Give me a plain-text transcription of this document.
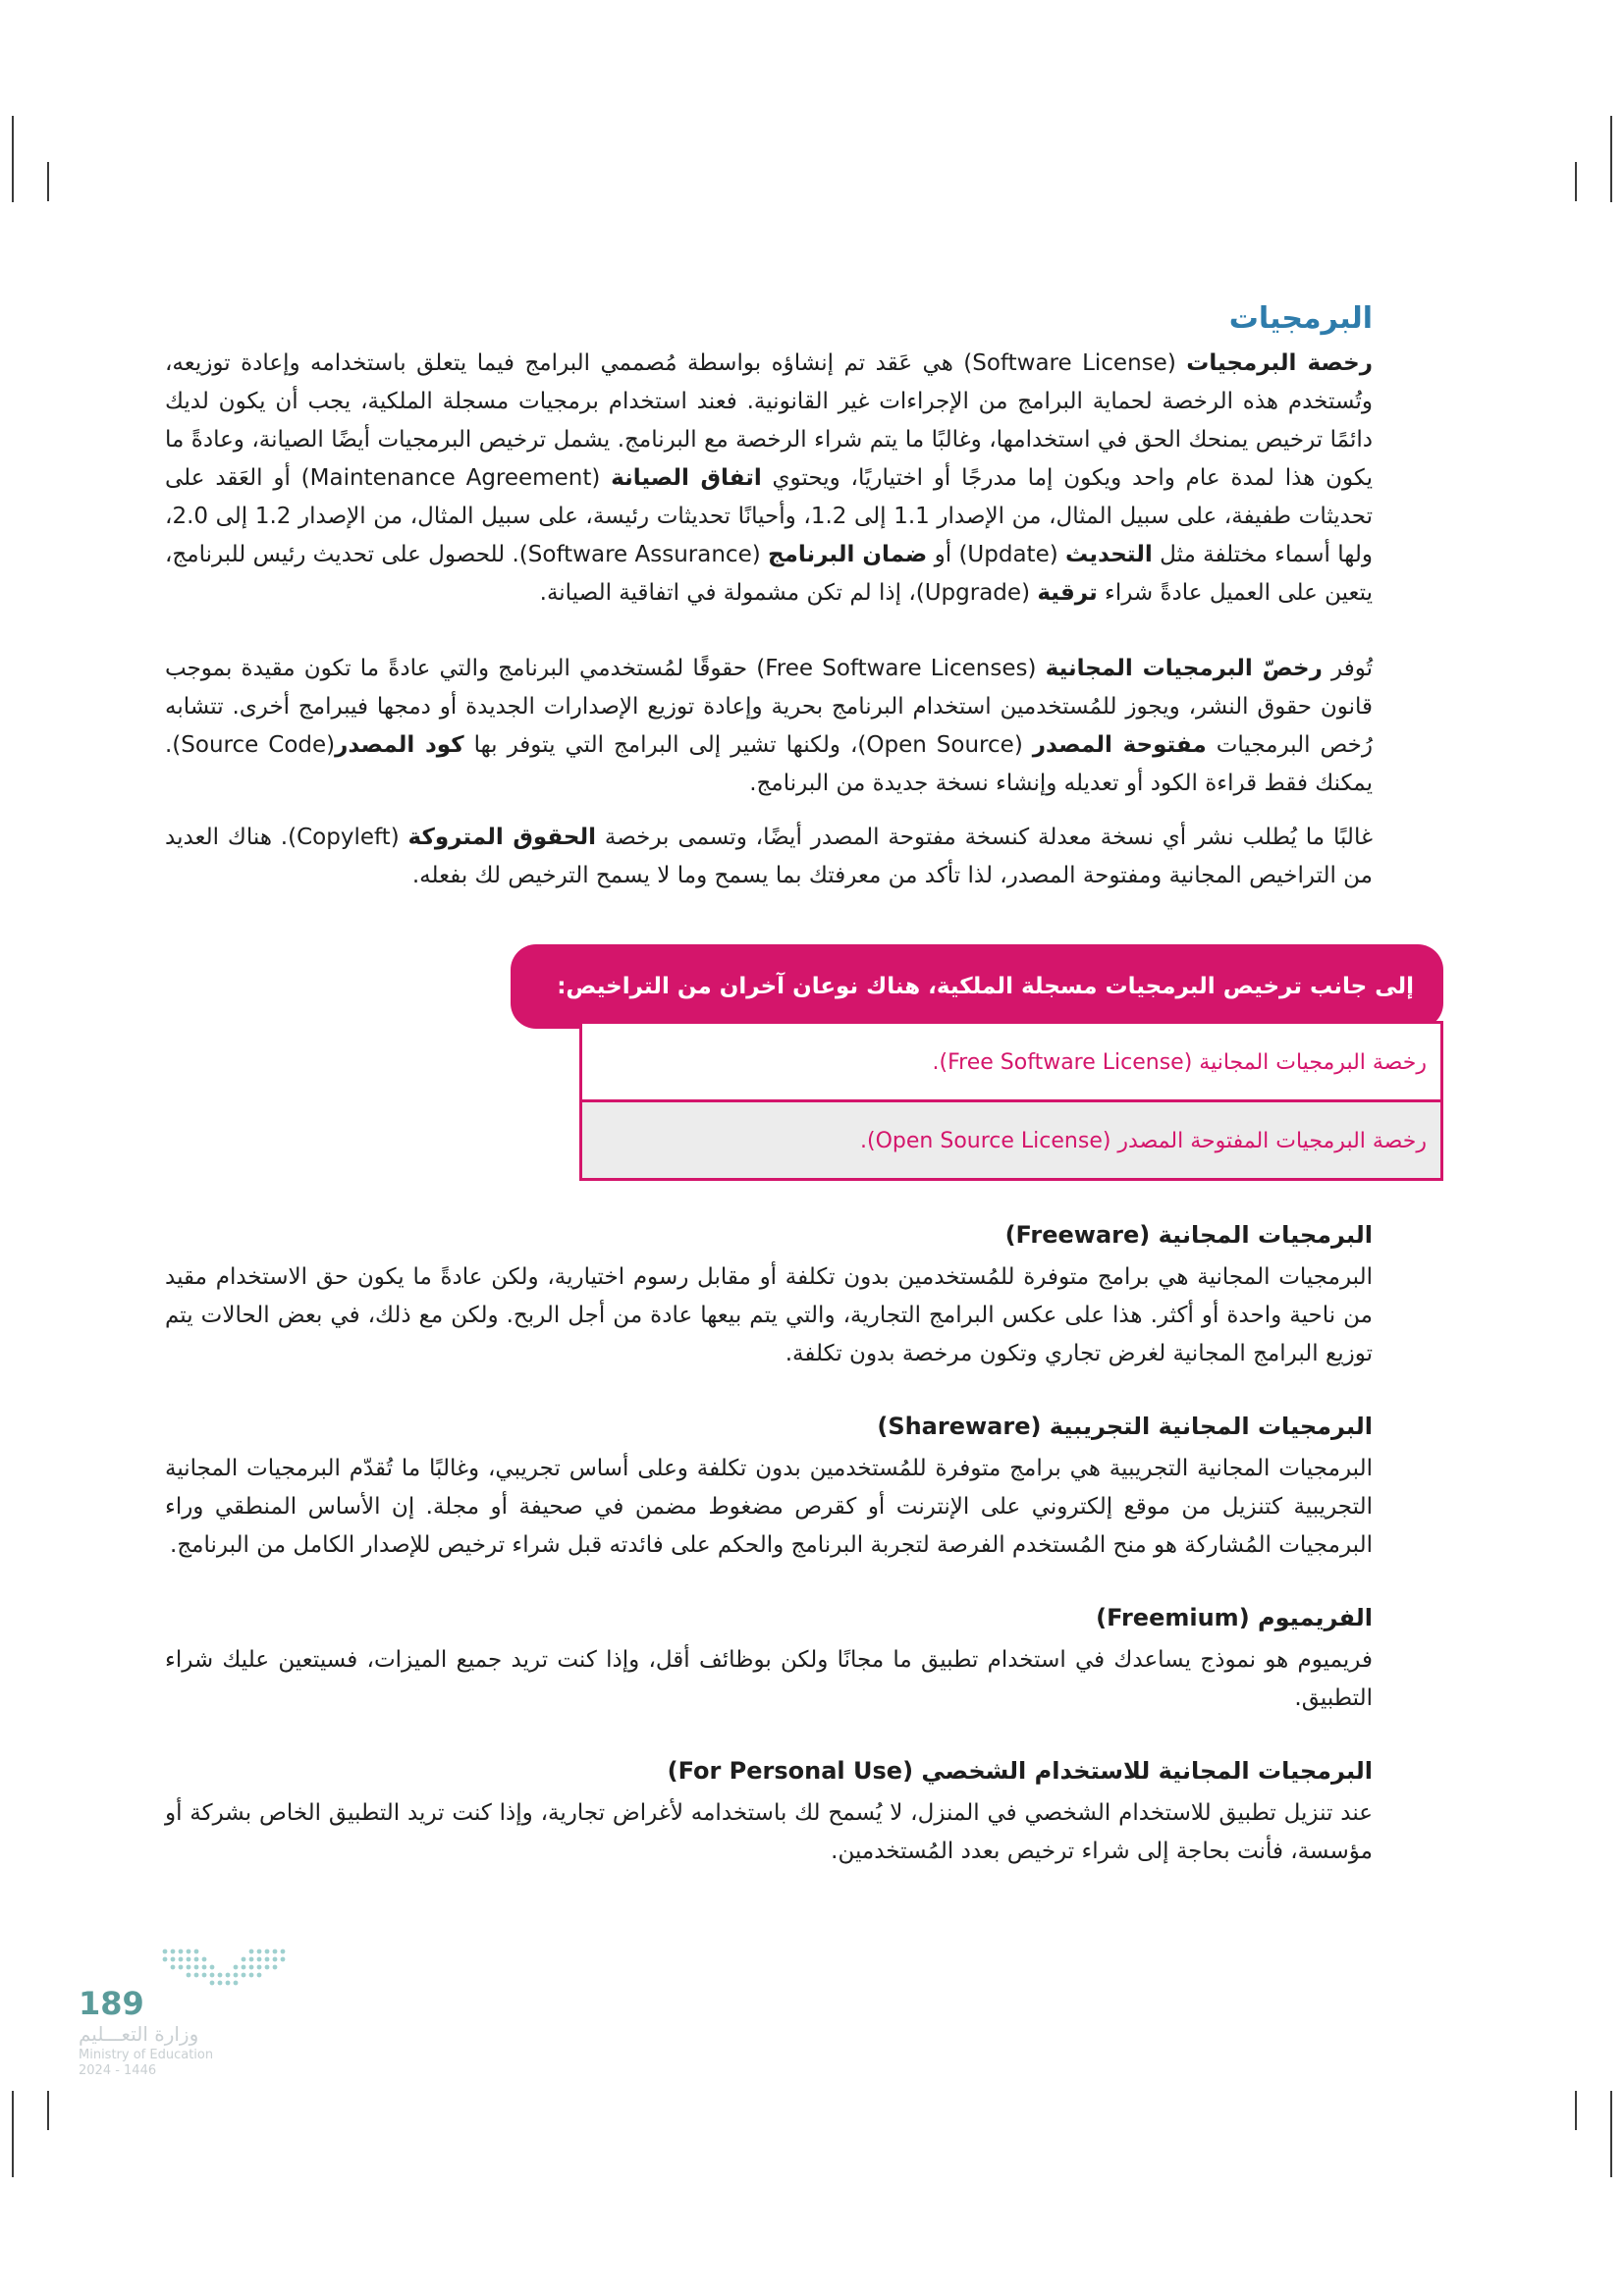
البرمجيات

رخصة البرمجيات (Software License) هي عَقد تم إنشاؤه بواسطة مُصممي البرامج فيما يتعلق باستخدامه وإعادة توزيعه، وتُستخدم هذه الرخصة لحماية البرامج من الإجراءات غير القانونية. فعند استخدام برمجيات مسجلة الملكية، يجب أن يكون لديك دائمًا ترخيص يمنحك الحق في استخدامها، وغالبًا ما يتم شراء الرخصة مع البرنامج. يشمل ترخيص البرمجيات أيضًا الصيانة، وعادةً ما يكون هذا لمدة عام واحد ويكون إما مدرجًا أو اختياريًا، ويحتوي اتفاق الصيانة (Maintenance Agreement) أو العَقد على تحديثات طفيفة، على سبيل المثال، من الإصدار 1.1 إلى 1.2، وأحيانًا تحديثات رئيسة، على سبيل المثال، من الإصدار 1.2 إلى 2.0، ولها أسماء مختلفة مثل التحديث (Update) أو ضمان البرنامج (Software Assurance). للحصول على تحديث رئيس للبرنامج، يتعين على العميل عادةً شراء ترقية (Upgrade)، إذا لم تكن مشمولة في اتفاقية الصيانة.

تُوفر رخصّ البرمجيات المجانية (Free Software Licenses) حقوقًا لمُستخدمي البرنامج والتي عادةً ما تكون مقيدة بموجب قانون حقوق النشر، ويجوز للمُستخدمين استخدام البرنامج بحرية وإعادة توزيع الإصدارات الجديدة أو دمجها فيبرامج أخرى. تتشابه رُخص البرمجيات مفتوحة المصدر (Open Source)، ولكنها تشير إلى البرامج التي يتوفر بها كود المصدر(Source Code). يمكنك فقط قراءة الكود أو تعديله وإنشاء نسخة جديدة من البرنامج.

غالبًا ما يُطلب نشر أي نسخة معدلة كنسخة مفتوحة المصدر أيضًا، وتسمى برخصة الحقوق المتروكة (Copyleft). هناك العديد من التراخيص المجانية ومفتوحة المصدر، لذا تأكد من معرفتك بما يسمح وما لا يسمح الترخيص لك بفعله.

إلى جانب ترخيص البرمجيات مسجلة الملكية، هناك نوعان آخران من التراخيص:
رخصة البرمجيات المجانية (Free Software License).
رخصة البرمجيات المفتوحة المصدر (Open Source License).
البرمجيات المجانية (Freeware)

البرمجيات المجانية هي برامج متوفرة للمُستخدمين بدون تكلفة أو مقابل رسوم اختيارية، ولكن عادةً ما يكون حق الاستخدام مقيد من ناحية واحدة أو أكثر. هذا على عكس البرامج التجارية، والتي يتم بيعها عادة من أجل الربح. ولكن مع ذلك، في بعض الحالات يتم توزيع البرامج المجانية لغرض تجاري وتكون مرخصة بدون تكلفة.

البرمجيات المجانية التجريبية (Shareware)

البرمجيات المجانية التجريبية هي برامج متوفرة للمُستخدمين بدون تكلفة وعلى أساس تجريبي، وغالبًا ما تُقدّم البرمجيات المجانية التجريبية كتنزيل من موقع إلكتروني على الإنترنت أو كقرص مضغوط مضمن في صحيفة أو مجلة. إن الأساس المنطقي وراء البرمجيات المُشاركة هو منح المُستخدم الفرصة لتجربة البرنامج والحكم على فائدته قبل شراء ترخيص للإصدار الكامل من البرنامج.

الفريميوم (Freemium)

فريميوم هو نموذج يساعدك في استخدام تطبيق ما مجانًا ولكن بوظائف أقل، وإذا كنت تريد جميع الميزات، فسيتعين عليك شراء التطبيق.

البرمجيات المجانية للاستخدام الشخصي (For Personal Use)

عند تنزيل تطبيق للاستخدام الشخصي في المنزل، لا يُسمح لك باستخدامه لأغراض تجارية، وإذا كنت تريد التطبيق الخاص بشركة أو مؤسسة، فأنت بحاجة إلى شراء ترخيص بعدد المُستخدمين.

189
وزارة التعـــليم
Ministry of Education
2024 - 1446
